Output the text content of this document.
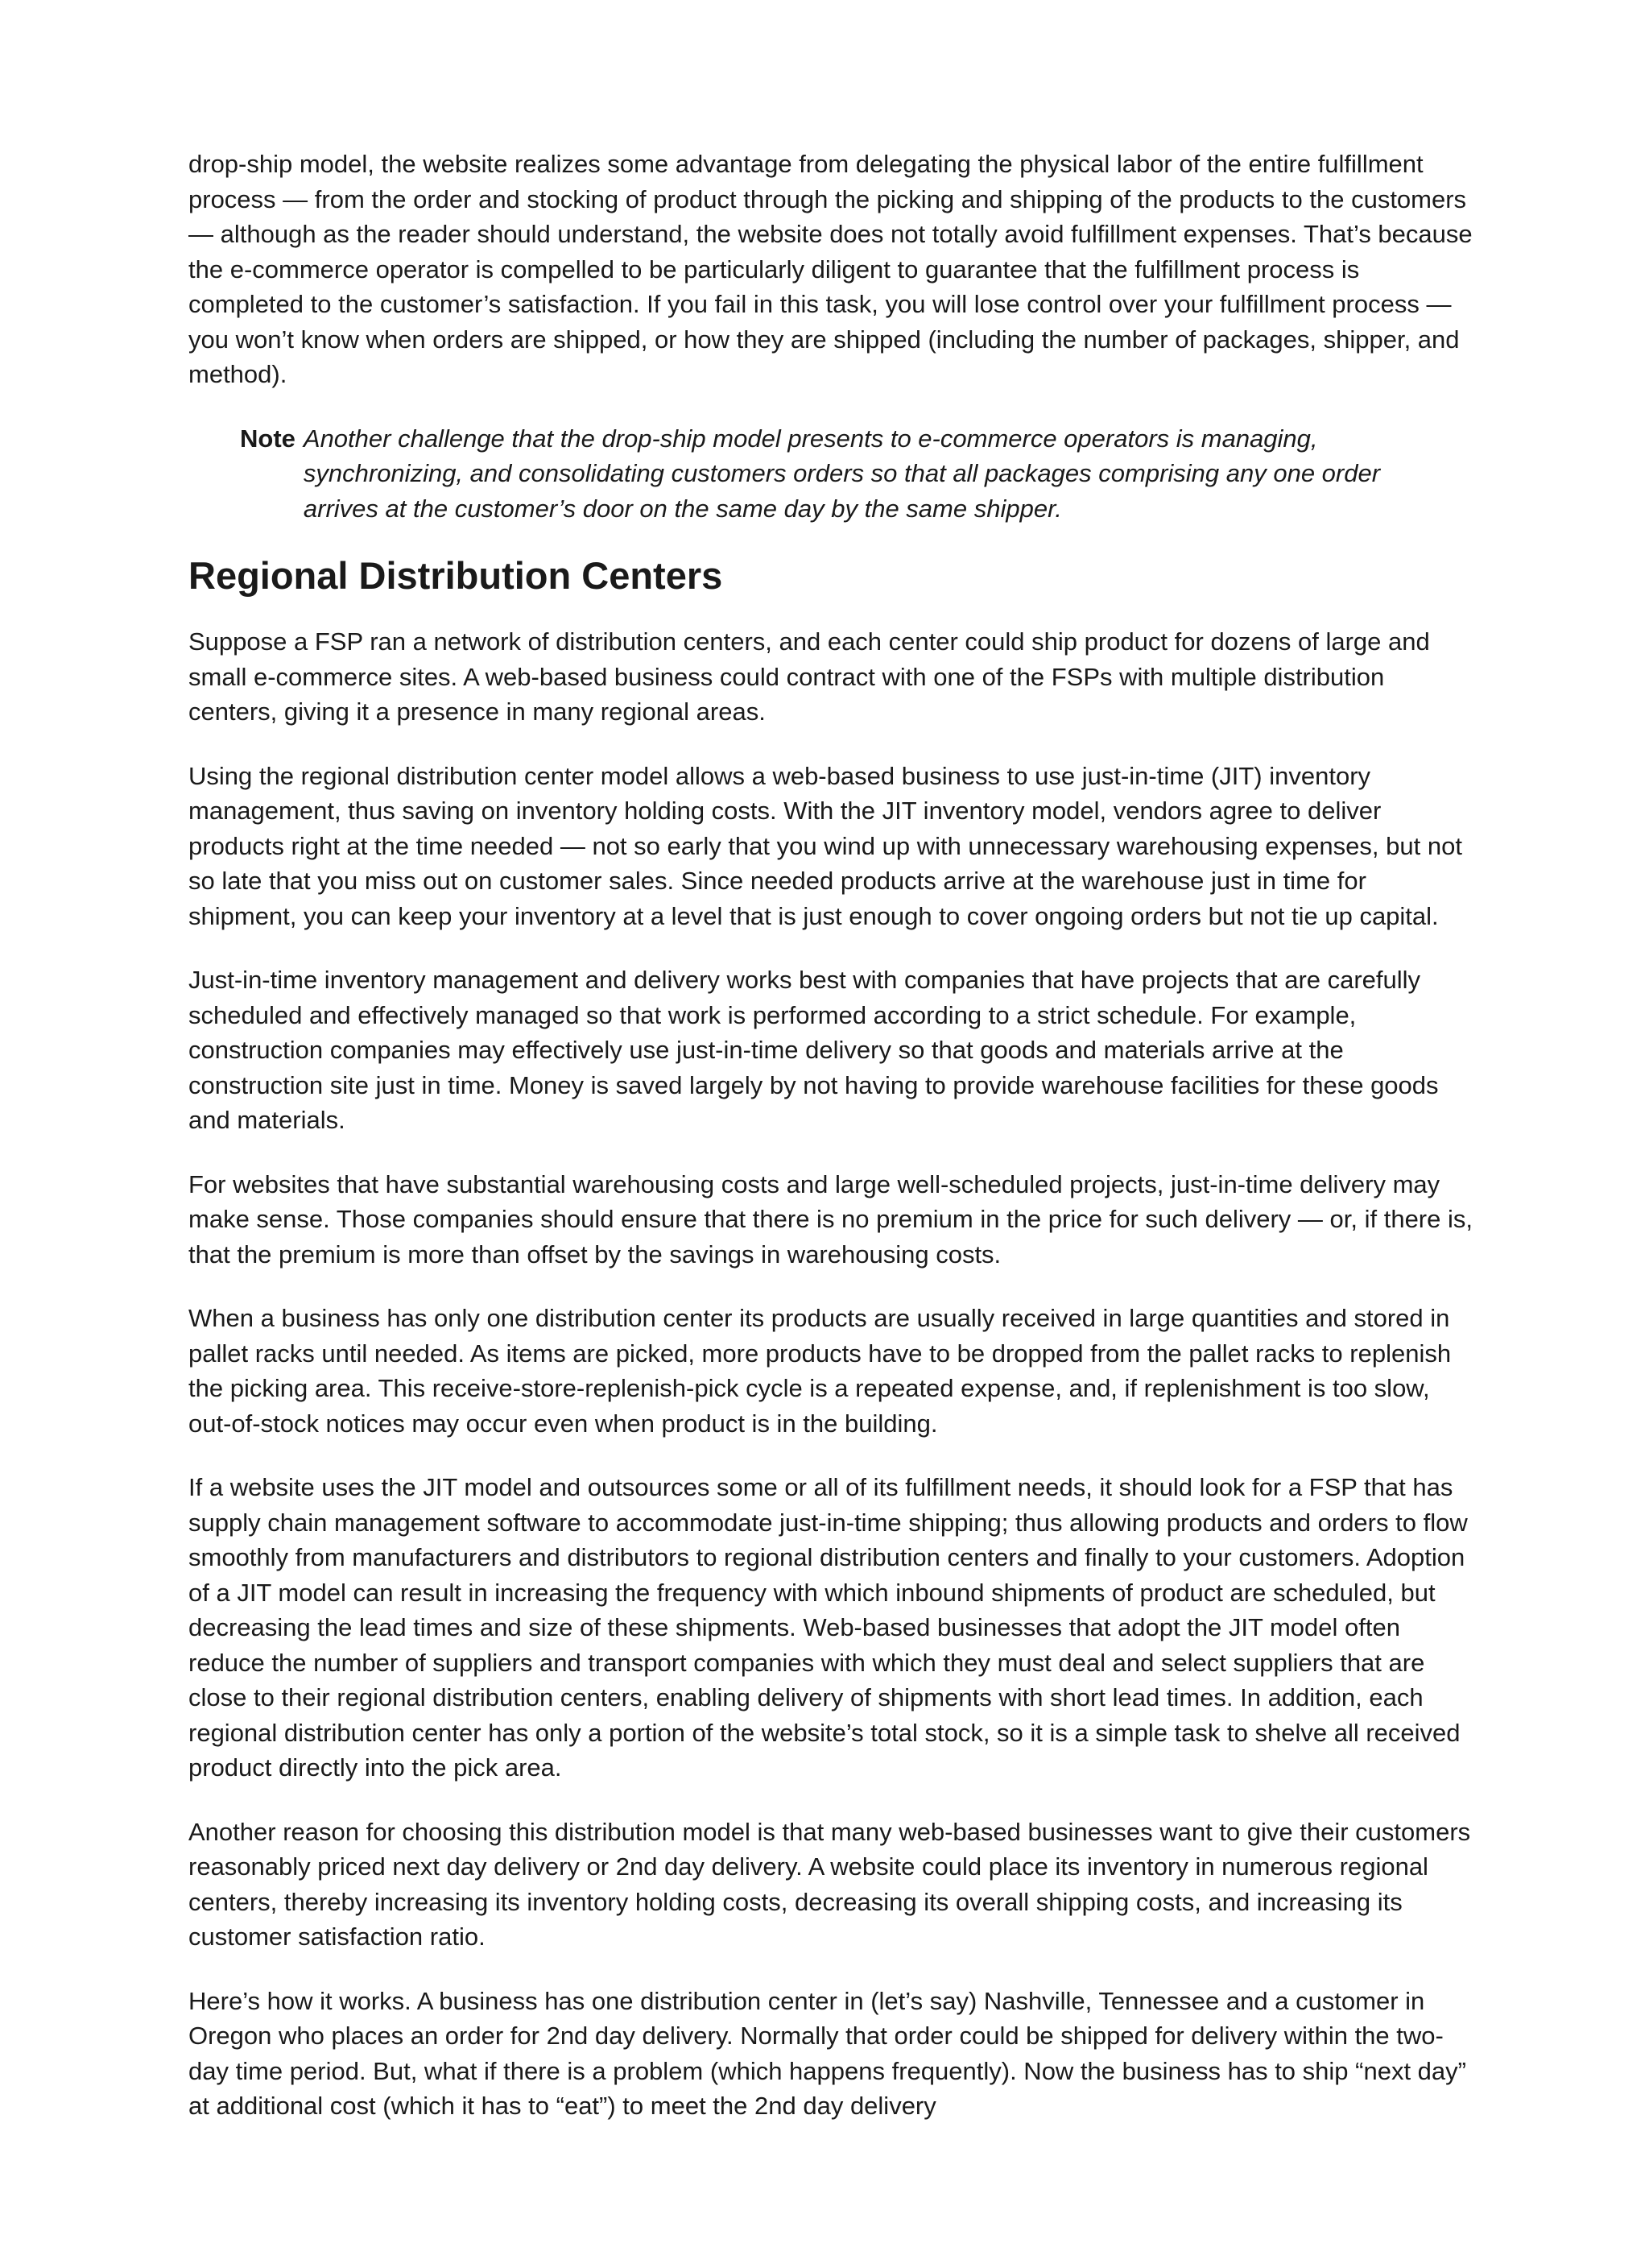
drop-ship model, the website realizes some advantage from delegating the physical labor of the entire fulfillment process — from the order and stocking of product through the picking and shipping of the products to the customers — although as the reader should understand, the website does not totally avoid fulfillment expenses. That’s because the e-commerce operator is compelled to be particularly diligent to guarantee that the fulfillment process is completed to the customer’s satisfaction. If you fail in this task, you will lose control over your fulfillment process — you won’t know when orders are shipped, or how they are shipped (including the number of packages, shipper, and method).

Note Another challenge that the drop-ship model presents to e-commerce operators is managing, synchronizing, and consolidating customers orders so that all packages comprising any one order arrives at the customer’s door on the same day by the same shipper.
Regional Distribution Centers

Suppose a FSP ran a network of distribution centers, and each center could ship product for dozens of large and small e-commerce sites. A web-based business could contract with one of the FSPs with multiple distribution centers, giving it a presence in many regional areas.

Using the regional distribution center model allows a web-based business to use just-in-time (JIT) inventory management, thus saving on inventory holding costs. With the JIT inventory model, vendors agree to deliver products right at the time needed — not so early that you wind up with unnecessary warehousing expenses, but not so late that you miss out on customer sales. Since needed products arrive at the warehouse just in time for shipment, you can keep your inventory at a level that is just enough to cover ongoing orders but not tie up capital.

Just-in-time inventory management and delivery works best with companies that have projects that are carefully scheduled and effectively managed so that work is performed according to a strict schedule. For example, construction companies may effectively use just-in-time delivery so that goods and materials arrive at the construction site just in time. Money is saved largely by not having to provide warehouse facilities for these goods and materials.

For websites that have substantial warehousing costs and large well-scheduled projects, just-in-time delivery may make sense. Those companies should ensure that there is no premium in the price for such delivery — or, if there is, that the premium is more than offset by the savings in warehousing costs.

When a business has only one distribution center its products are usually received in large quantities and stored in pallet racks until needed. As items are picked, more products have to be dropped from the pallet racks to replenish the picking area. This receive-store-replenish-pick cycle is a repeated expense, and, if replenishment is too slow, out-of-stock notices may occur even when product is in the building.

If a website uses the JIT model and outsources some or all of its fulfillment needs, it should look for a FSP that has supply chain management software to accommodate just-in-time shipping; thus allowing products and orders to flow smoothly from manufacturers and distributors to regional distribution centers and finally to your customers. Adoption of a JIT model can result in increasing the frequency with which inbound shipments of product are scheduled, but decreasing the lead times and size of these shipments. Web-based businesses that adopt the JIT model often reduce the number of suppliers and transport companies with which they must deal and select suppliers that are close to their regional distribution centers, enabling delivery of shipments with short lead times. In addition, each regional distribution center has only a portion of the website’s total stock, so it is a simple task to shelve all received product directly into the pick area.

Another reason for choosing this distribution model is that many web-based businesses want to give their customers reasonably priced next day delivery or 2nd day delivery. A website could place its inventory in numerous regional centers, thereby increasing its inventory holding costs, decreasing its overall shipping costs, and increasing its customer satisfaction ratio.

Here’s how it works. A business has one distribution center in (let’s say) Nashville, Tennessee and a customer in Oregon who places an order for 2nd day delivery. Normally that order could be shipped for delivery within the two-day time period. But, what if there is a problem (which happens frequently). Now the business has to ship “next day” at additional cost (which it has to “eat”) to meet the 2nd day delivery
